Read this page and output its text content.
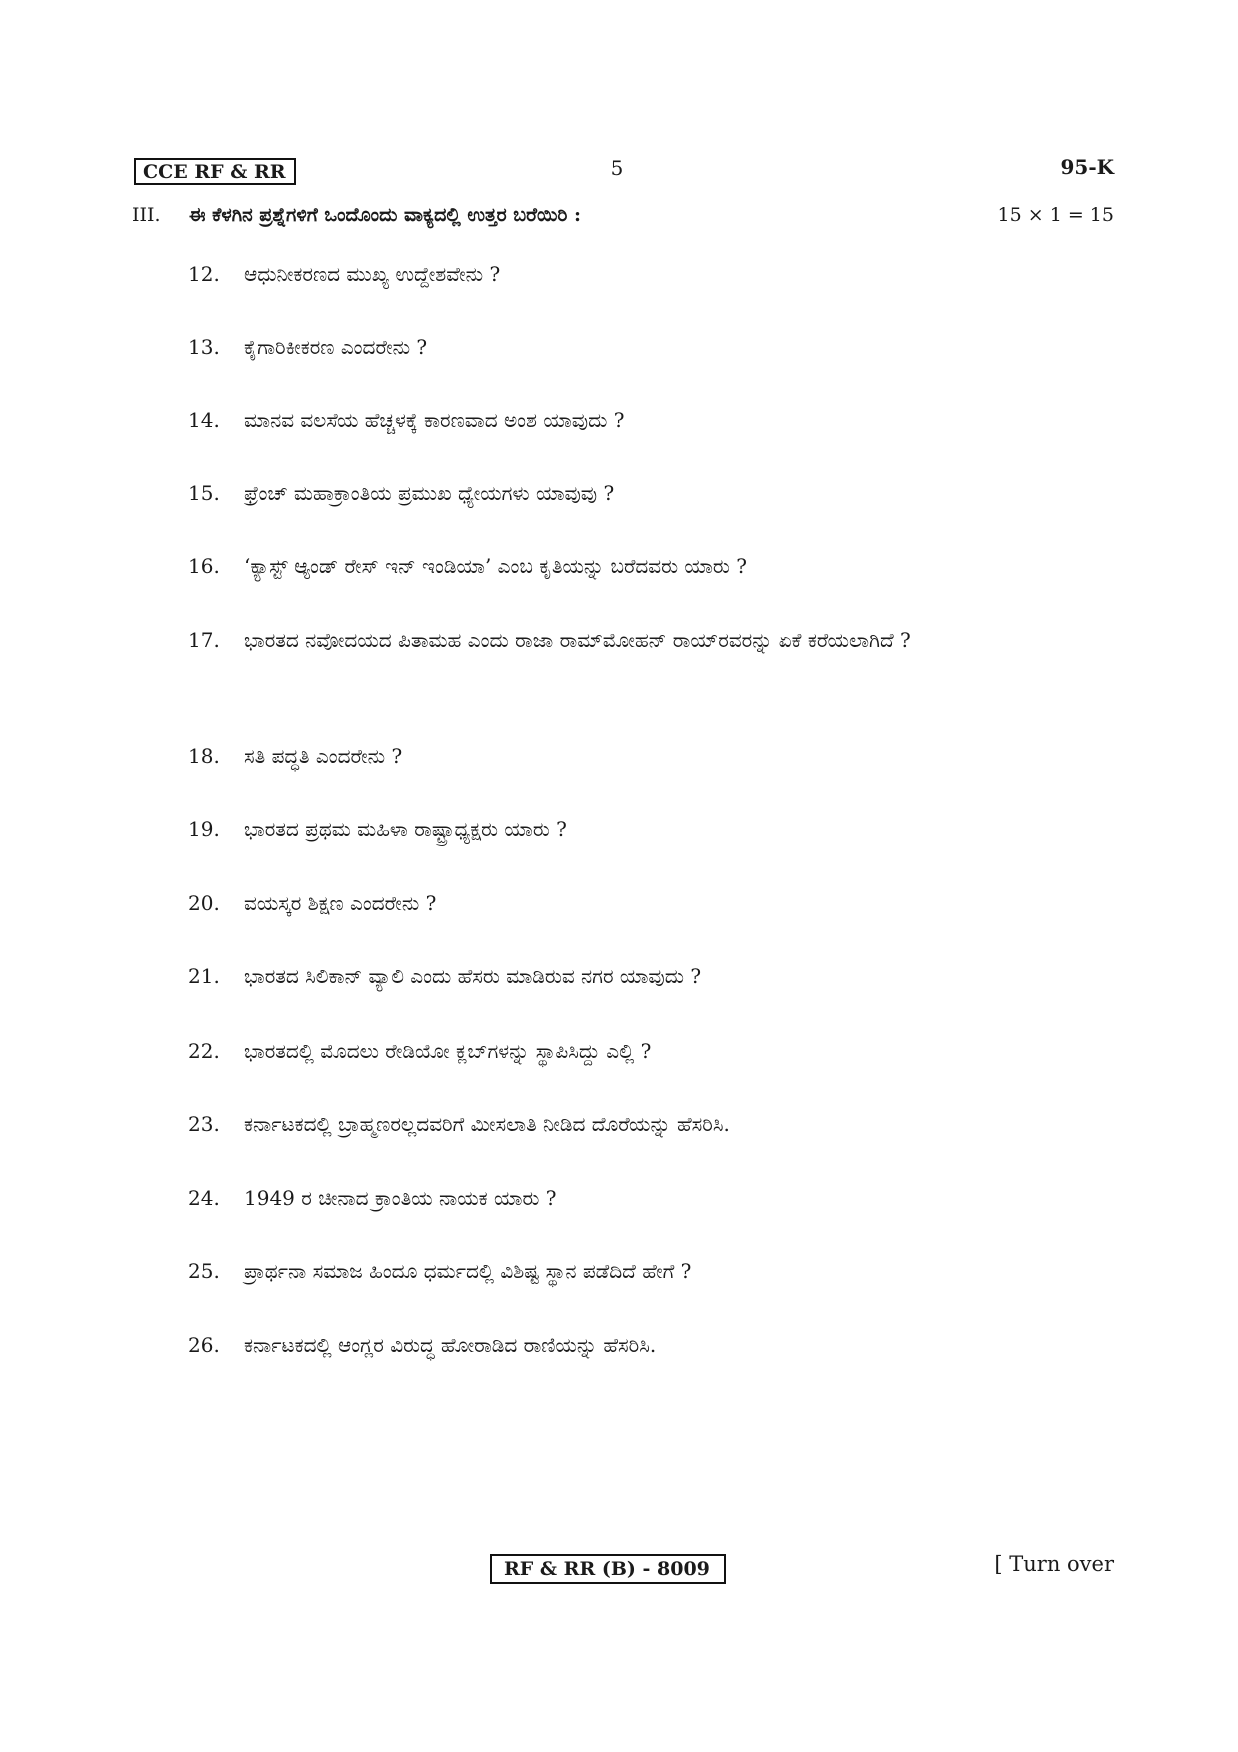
CCE RF & RR	5	95-K
III. ಈ ಕೆಳಗಿನ ಪ್ರಶ್ನೆಗಳಿಗೆ ಒಂದೊಂದು ವಾಕ್ಯದಲ್ಲಿ ಉತ್ತರ ಬರೆಯಿರಿ :	15 × 1 = 15
12.	ಆಧುನೀಕರಣದ ಮುಖ್ಯ ಉದ್ದೇಶವೇನು ?
13.	ಕೈಗಾರಿಕೀಕರಣ ಎಂದರೇನು ?
14.	ಮಾನವ ವಲಸೆಯ ಹೆಚ್ಚಳಕ್ಕೆ ಕಾರಣವಾದ ಅಂಶ ಯಾವುದು ?
15.	ಫ್ರೆಂಚ್ ಮಹಾಕ್ರಾಂತಿಯ ಪ್ರಮುಖ ಧ್ಯೇಯಗಳು ಯಾವುವು ?
16.	‘ಕ್ಯಾಸ್ಟ್ ಆ್ಯಂಡ್ ರೇಸ್ ಇನ್ ಇಂಡಿಯಾ’ ಎಂಬ ಕೃತಿಯನ್ನು ಬರೆದವರು ಯಾರು ?
17.	ಭಾರತದ ನವೋದಯದ ಪಿತಾಮಹ ಎಂದು ರಾಜಾ ರಾಮ್‌ಮೋಹನ್ ರಾಯ್‌ರವರನ್ನು ಏಕೆ ಕರೆಯಲಾಗಿದೆ ?
18.	ಸತಿ ಪದ್ಧತಿ ಎಂದರೇನು ?
19.	ಭಾರತದ ಪ್ರಥಮ ಮಹಿಳಾ ರಾಷ್ಟ್ರಾಧ್ಯಕ್ಷರು ಯಾರು ?
20.	ವಯಸ್ಕರ ಶಿಕ್ಷಣ ಎಂದರೇನು ?
21.	ಭಾರತದ ಸಿಲಿಕಾನ್ ವ್ಯಾಲಿ ಎಂದು ಹೆಸರು ಮಾಡಿರುವ ನಗರ ಯಾವುದು ?
22.	ಭಾರತದಲ್ಲಿ ಮೊದಲು ರೇಡಿಯೋ ಕ್ಲಬ್‌ಗಳನ್ನು ಸ್ಥಾಪಿಸಿದ್ದು ಎಲ್ಲಿ ?
23.	ಕರ್ನಾಟಕದಲ್ಲಿ ಬ್ರಾಹ್ಮಣರಲ್ಲದವರಿಗೆ ಮೀಸಲಾತಿ ನೀಡಿದ ದೊರೆಯನ್ನು ಹೆಸರಿಸಿ.
24.	1949 ರ ಚೀನಾದ ಕ್ರಾಂತಿಯ ನಾಯಕ ಯಾರು ?
25.	ಪ್ರಾರ್ಥನಾ ಸಮಾಜ ಹಿಂದೂ ಧರ್ಮದಲ್ಲಿ ವಿಶಿಷ್ಟ ಸ್ಥಾನ ಪಡೆದಿದೆ ಹೇಗೆ ?
26.	ಕರ್ನಾಟಕದಲ್ಲಿ ಆಂಗ್ಲರ ವಿರುದ್ಧ ಹೋರಾಡಿದ ರಾಣಿಯನ್ನು ಹೆಸರಿಸಿ.
RF & RR (B) - 8009	[ Turn over
